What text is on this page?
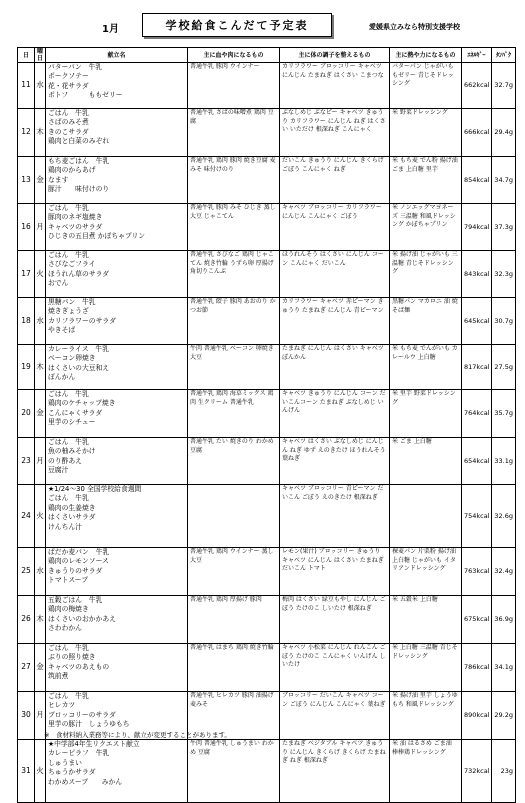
1月	学校給食こんだて予定表	愛媛県立みなら特別支援学校
日	曜日	献立名	主に血や肉になるもの	主に体の調子を整えるもの	主に熱や力になるもの	ｴﾈﾙｷﾞｰ	ﾀﾝﾊﾟｸ
11	水	パターパン　牛乳
ポークソテー
花・花サラダ
ポトフ　　　ももゼリー	普通牛乳 豚肉 ウインナー	カリフラワー ブロッコリー キャベツ にんじん たまねぎ はくさい こまつな	バターパン じゃがいも もゼリー 青じそドレッシング	662kcal	32.7g
12	木	ごはん　牛乳
さばのみそ煮
きのこサラダ
鶏肉と白菜のみぞれ	普通牛乳 さばの味噌煮 鶏肉 豆腐	ぶなしめじ ぶなピー キャベツ きゅうり カリフラワー にんじん ねぎ はくさい いただけ 根深ねぎ こんにゃく	米 野菜ドレッシング	666kcal	29.4g
13	金	もち麦ごはん　牛乳
鶏肉のからあげ
なます
豚汁　　味付けのり	普通牛乳 鶏肉 豚肉 焼き豆腐 麦みそ 味付けのり	だいこん きゅうり にんじん きくらげ ごぼう こんにゃく ねぎ	米 もち麦 でん粉 揚げ油 ごま 上白糖 里芋	854kcal	34.7g
16	月	ごはん　牛乳
豚肉のネギ塩焼き
キャベツのサラダ
ひじきの五目煮 かぼちゃプリン	普通牛乳 豚肉 みそ ひじき 蒸し大豆 じゃこてん	キャベツ ブロッコリー カリフラワー にんじん こんにゃく ごぼう	米 ノンエッグマヨネーズ 三温糖 和風ドレッシング かぼちゃプリン	794kcal	37.3g
17	火	ごはん　牛乳
さびなごフライ
ほうれん草のサラダ
おでん	普通牛乳 さびなご 鶏肉 じゃこてん 焼き竹輪 うずら卵 厚揚げ 角切りこんぶ	ほうれんそう はくさい にんじん コーン こんにゃく だいこん	米 揚げ油 じゃがいも 三温糖 青じそドレッシング	843kcal	32.3g
18	水	黒糖パン　牛乳
焼きぎょうざ
カリフラワーのサラダ
やきそば	普通牛乳 餃子 豚肉 あおのり かつお節	カリフラワー キャベツ 赤ピーマン きゅうり たまねぎ にんじん 青ピーマン	黒糖パン マカロニ 油 焼そば麺	645kcal	30.7g
19	木	カレーライス　牛乳
ベーコン卵焼き
はくさいの大豆和え
ぽんかん	牛肉 普通牛乳 ベーコン 卵焼き 大豆	たまねぎ にんじん はくさい キャベツ ぽんかん	米 もち麦 でんがいも カレールウ 上白糖	817kcal	27.5g
20	金	ごはん　牛乳
鶏肉のケチャップ焼き
こんにゃくサラダ
里芋のシチュー	普通牛乳 鶏肉 海草ミックス 鶏肉 生クリーム 普通牛乳	キャベツ きゅうり にんじん コーン だいこんコーン たまねぎ ぶなしめじ いんげん	米 里芋 野菜ドレッシング	764kcal	35.7g
23	月	ごはん　牛乳
魚の柚みそかけ
のり酢あえ
豆腐汁	普通牛乳 たい 焼きのり わかめ 豆腐	キャベツ はくさい ぶなしめじ にんじん ねぎ ゆず えのきたけ ほうれんそう 葉ねぎ	米 ごま 上白糖	654kcal	33.1g
24	火	★1/24～30 全国学校給食週間
ごはん　牛乳
鶏肉の生姜焼き
はくさいサラダ
けんちん汁		キャベツ ブロッコリー 青ピーマン だいこん ごぼう えのきたけ 根深ねぎ		754kcal	32.6g
25	水	ぱだか麦パン　牛乳
鶏肉のレモンソース
きゅうりのサラダ
トマトスープ	普通牛乳 鶏肉 ウインナー 蒸し大豆	レモン(果汁) ブロッコリー きゅうり キャベツ にんじん はくさい たまねぎ だいこん トマト	裸麦パン 片栗粉 揚げ油 上白糖 じゃがいも イタリアンドレッシング	763kcal	32.4g
26	木	五穀ごはん　牛乳
鶏肉の梅焼き
はくさいのおかかあえ
さわわかん	普通牛乳 鶏肉 厚揚げ 豚肉	梅肉 はくさい 緑豆もやし にんじん ごぼう たけのこ しいたけ 根深ねぎ	米 五穀米 上白糖	675kcal	36.9g
27	金	ごはん　牛乳
ぶりの照り焼き
キャベツのあえもの
筑前煮	普通牛乳 はまち 鶏肉 焼き竹輪	キャベツ 小松菜 にんじん れんこん ごぼう たけのこ こんにゃく いんげん しいたけ	米 上白糖 三温糖 青じそドレッシング	786kcal	34.1g
30	月	ごはん　牛乳
ヒレカツ
ブロッコリーのサラダ
里芋の豚汁　しょうゆもち	普通牛乳 ヒレカツ 豚肉 油揚げ 麦みそ	ブロッコリー だいこん キャベツ コーン ごぼう にんじん こんにゃく 葉ねぎ	米 揚げ油 里芋 しょうゆもち 和風ドレッシング	890kcal	29.2g
31	火	★中学部4年生リクエスト献立
カレーピラフ　牛乳
しゅうまい
ちゅうかサラダ
わかめスープ　　みかん	牛肉 普通牛乳 しゅうまい わかめ 豆腐	たまねぎ ベジタブル キャベツ きゅうり にんじん きくらげ きくらげ たまねぎ ねぎ 根深ねぎ	米 油 はるさめ ごま油 棒棒鶏ドレッシング	732kcal	23g
※　食材料納入業務等により、献立が変更することがあります。
